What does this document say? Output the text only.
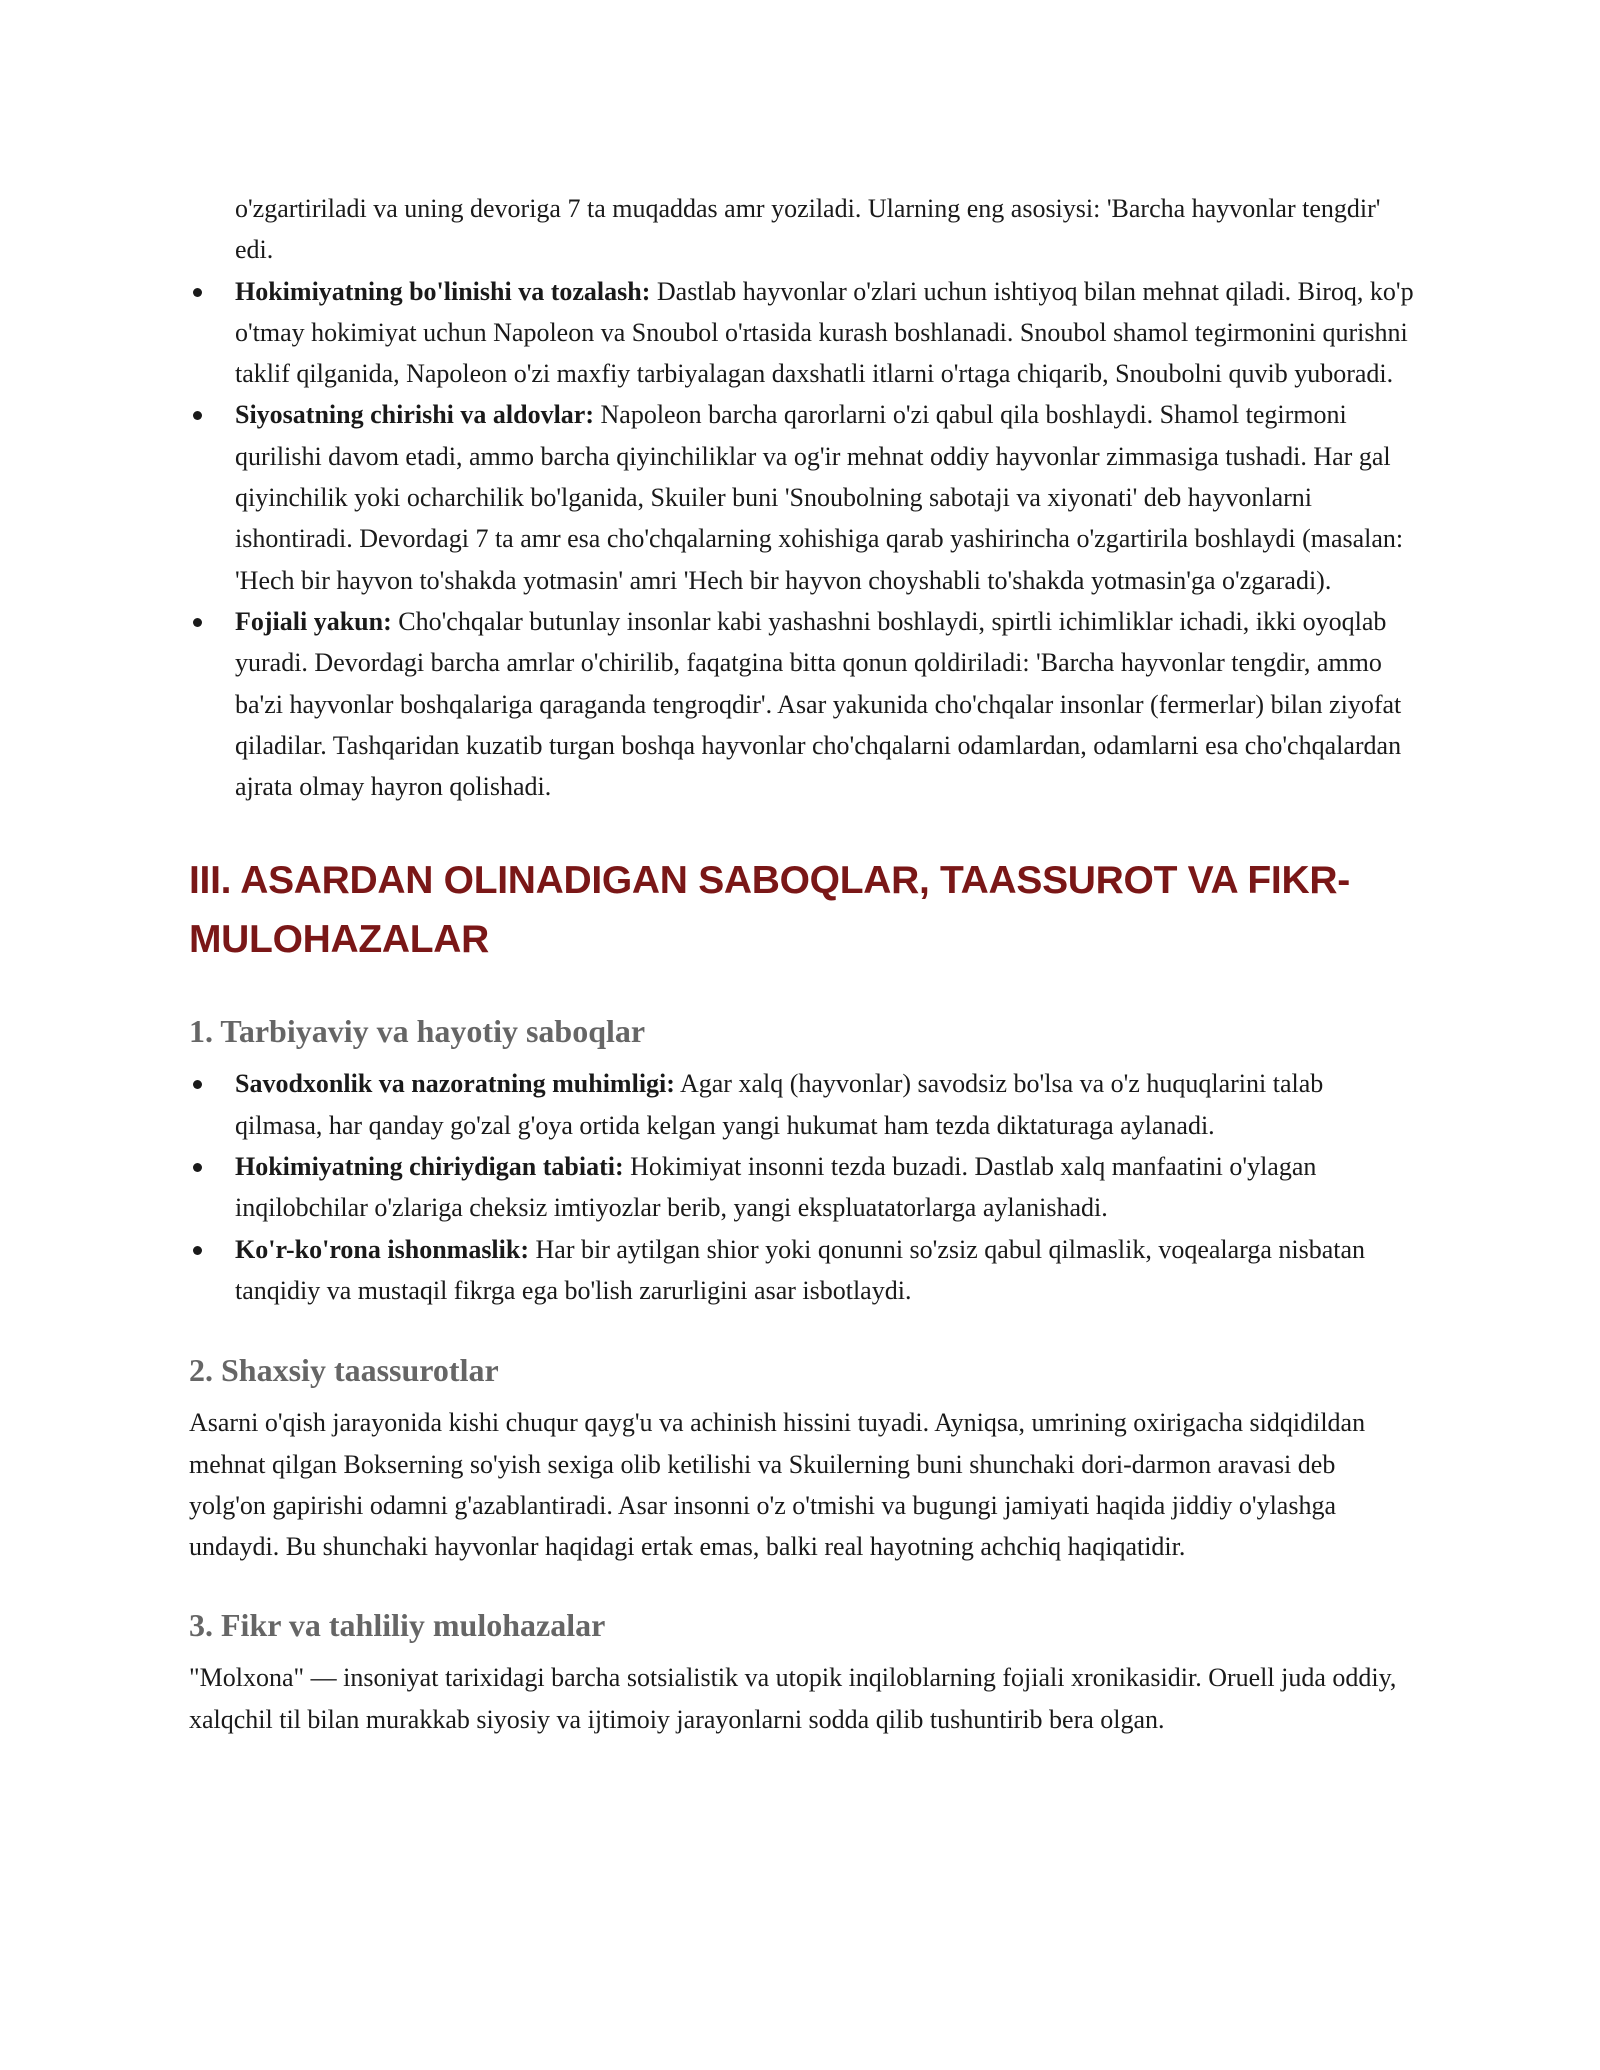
o'zgartiriladi va uning devoriga 7 ta muqaddas amr yoziladi. Ularning eng asosiysi: 'Barcha hayvonlar tengdir' edi.

Hokimiyatning bo'linishi va tozalash: Dastlab hayvonlar o'zlari uchun ishtiyoq bilan mehnat qiladi. Biroq, ko'p o'tmay hokimiyat uchun Napoleon va Snoubol o'rtasida kurash boshlanadi. Snoubol shamol tegirmonini qurishni taklif qilganida, Napoleon o'zi maxfiy tarbiyalagan daxshatli itlarni o'rtaga chiqarib, Snoubolni quvib yuboradi.
Siyosatning chirishi va aldovlar: Napoleon barcha qarorlarni o'zi qabul qila boshlaydi. Shamol tegirmoni qurilishi davom etadi, ammo barcha qiyinchiliklar va og'ir mehnat oddiy hayvonlar zimmasiga tushadi. Har gal qiyinchilik yoki ocharchilik bo'lganida, Skuiler buni 'Snoubolning sabotaji va xiyonati' deb hayvonlarni ishontiradi. Devordagi 7 ta amr esa cho'chqalarning xohishiga qarab yashirincha o'zgartirila boshlaydi (masalan: 'Hech bir hayvon to'shakda yotmasin' amri 'Hech bir hayvon choyshabli to'shakda yotmasin'ga o'zgaradi).
Fojiali yakun: Cho'chqalar butunlay insonlar kabi yashashni boshlaydi, spirtli ichimliklar ichadi, ikki oyoqlab yuradi. Devordagi barcha amrlar o'chirilib, faqatgina bitta qonun qoldiriladi: 'Barcha hayvonlar tengdir, ammo ba'zi hayvonlar boshqalariga qaraganda tengroqdir'. Asar yakunida cho'chqalar insonlar (fermerlar) bilan ziyofat qiladilar. Tashqaridan kuzatib turgan boshqa hayvonlar cho'chqalarni odamlardan, odamlarni esa cho'chqalardan ajrata olmay hayron qolishadi.
III. ASARDAN OLINADIGAN SABOQLAR, TAASSUROT VA FIKR-MULOHAZALAR
1. Tarbiyaviy va hayotiy saboqlar
Savodxonlik va nazoratning muhimligi: Agar xalq (hayvonlar) savodsiz bo'lsa va o'z huquqlarini talab qilmasa, har qanday go'zal g'oya ortida kelgan yangi hukumat ham tezda diktaturaga aylanadi.
Hokimiyatning chiriydigan tabiati: Hokimiyat insonni tezda buzadi. Dastlab xalq manfaatini o'ylagan inqilobchilar o'zlariga cheksiz imtiyozlar berib, yangi ekspluatatorlarga aylanishadi.
Ko'r-ko'rona ishonmaslik: Har bir aytilgan shior yoki qonunni so'zsiz qabul qilmaslik, voqealarga nisbatan tanqidiy va mustaqil fikrga ega bo'lish zarurligini asar isbotlaydi.
2. Shaxsiy taassurotlar

Asarni o'qish jarayonida kishi chuqur qayg'u va achinish hissini tuyadi. Ayniqsa, umrining oxirigacha sidqidildan mehnat qilgan Bokserning so'yish sexiga olib ketilishi va Skuilerning buni shunchaki dori-darmon aravasi deb yolg'on gapirishi odamni g'azablantiradi. Asar insonni o'z o'tmishi va bugungi jamiyati haqida jiddiy o'ylashga undaydi. Bu shunchaki hayvonlar haqidagi ertak emas, balki real hayotning achchiq haqiqatidir.

3. Fikr va tahliliy mulohazalar

"Molxona" — insoniyat tarixidagi barcha sotsialistik va utopik inqiloblarning fojiali xronikasidir. Oruell juda oddiy, xalqchil til bilan murakkab siyosiy va ijtimoiy jarayonlarni sodda qilib tushuntirib bera olgan.
